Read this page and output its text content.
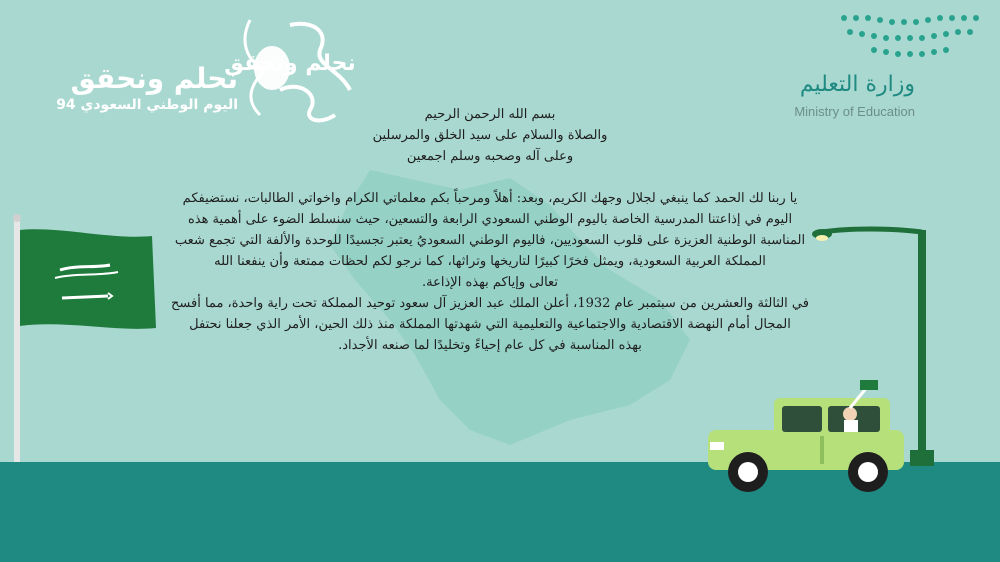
نحلم ونحقق
اليوم الوطني السعودي 94
نحلم ونحقق
وزارة التعليم
Ministry of Education

بسم الله الرحمن الرحيم

والصلاة والسلام على سيد الخلق والمرسلين

وعلى آله وصحبه وسلم اجمعين

يا ربنا لك الحمد كما ينبغي لجلال وجهك الكريم، وبعد: أهلاً ومرحباً بكم معلماتي الكرام واخواتي الطالبات، نستضيفكم

اليوم في إذاعتنا المدرسية الخاصة باليوم الوطني السعودي الرابعة والتسعين، حيث سنسلط الضوء على أهمية هذه

المناسبة الوطنية العزيزة على قلوب السعوديين، فاليوم الوطني السعوديُ يعتبر تجسيدًا للوحدة والألفة التي تجمع شعب

المملكة العربية السعودية، ويمثل فخرًا كبيرًا لتاريخها وتراثها، كما نرجو لكم لحظات ممتعة وأن ينفعنا الله

تعالى وإياكم بهذه الإذاعة.

في الثالثة والعشرين من سبتمبر عام 1932، أعلن الملك عبد العزيز آل سعود توحيد المملكة تحت راية واحدة، مما أفسح

المجال أمام النهضة الاقتصادية والاجتماعية والتعليمية التي شهدتها المملكة منذ ذلك الحين، الأمر الذي جعلنا نحتفل

بهذه المناسبة في كل عام إحياءً وتخليدًا لما صنعه الأجداد.
